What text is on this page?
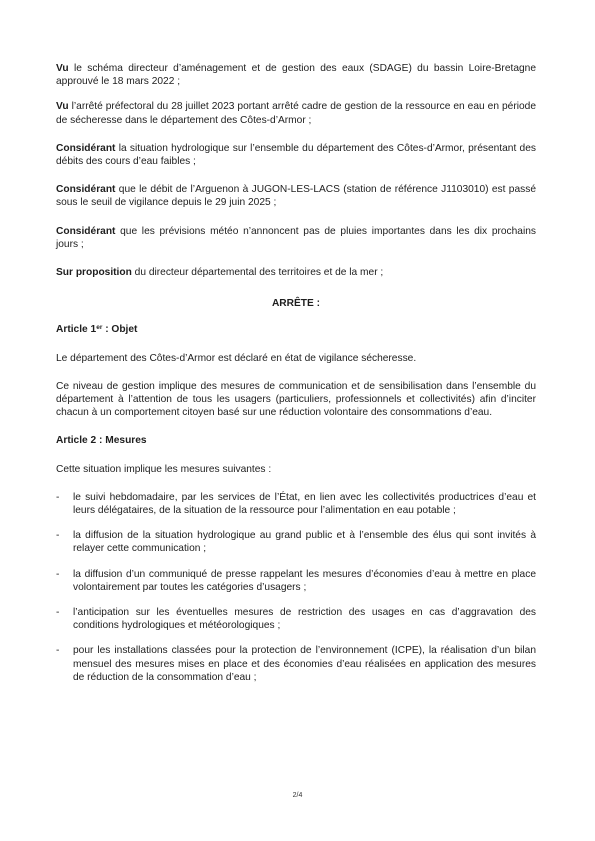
Vu le schéma directeur d’aménagement et de gestion des eaux (SDAGE) du bassin Loire-Bretagne approuvé le 18 mars 2022 ;

Vu l’arrêté préfectoral du 28 juillet 2023 portant arrêté cadre de gestion de la ressource en eau en période de sécheresse dans le département des Côtes-d’Armor ;

Considérant la situation hydrologique sur l’ensemble du département des Côtes-d’Armor, présentant des débits des cours d’eau faibles ;

Considérant que le débit de l’Arguenon à JUGON-LES-LACS (station de référence J1103010) est passé sous le seuil de vigilance depuis le 29 juin 2025 ;

Considérant que les prévisions météo n’annoncent pas de pluies importantes dans les dix prochains jours ;

Sur proposition du directeur départemental des territoires et de la mer ;

ARRÊTE :

Article 1er : Objet

Le département des Côtes-d’Armor est déclaré en état de vigilance sécheresse.

Ce niveau de gestion implique des mesures de communication et de sensibilisation dans l’ensemble du département à l’attention de tous les usagers (particuliers, professionnels et collectivités) afin d’inciter chacun à un comportement citoyen basé sur une réduction volontaire des consommations d’eau.

Article 2 : Mesures

Cette situation implique les mesures suivantes :

- le suivi hebdomadaire, par les services de l’État, en lien avec les collectivités productrices d’eau et leurs délégataires, de la situation de la ressource pour l’alimentation en eau potable ;

- la diffusion de la situation hydrologique au grand public et à l’ensemble des élus qui sont invités à relayer cette communication ;

- la diffusion d’un communiqué de presse rappelant les mesures d’économies d’eau à mettre en place volontairement par toutes les catégories d’usagers ;

- l’anticipation sur les éventuelles mesures de restriction des usages en cas d’aggravation des conditions hydrologiques et météorologiques ;

- pour les installations classées pour la protection de l’environnement (ICPE), la réalisation d’un bilan mensuel des mesures mises en place et des économies d’eau réalisées en application des mesures de réduction de la consommation d’eau ;

2/4
